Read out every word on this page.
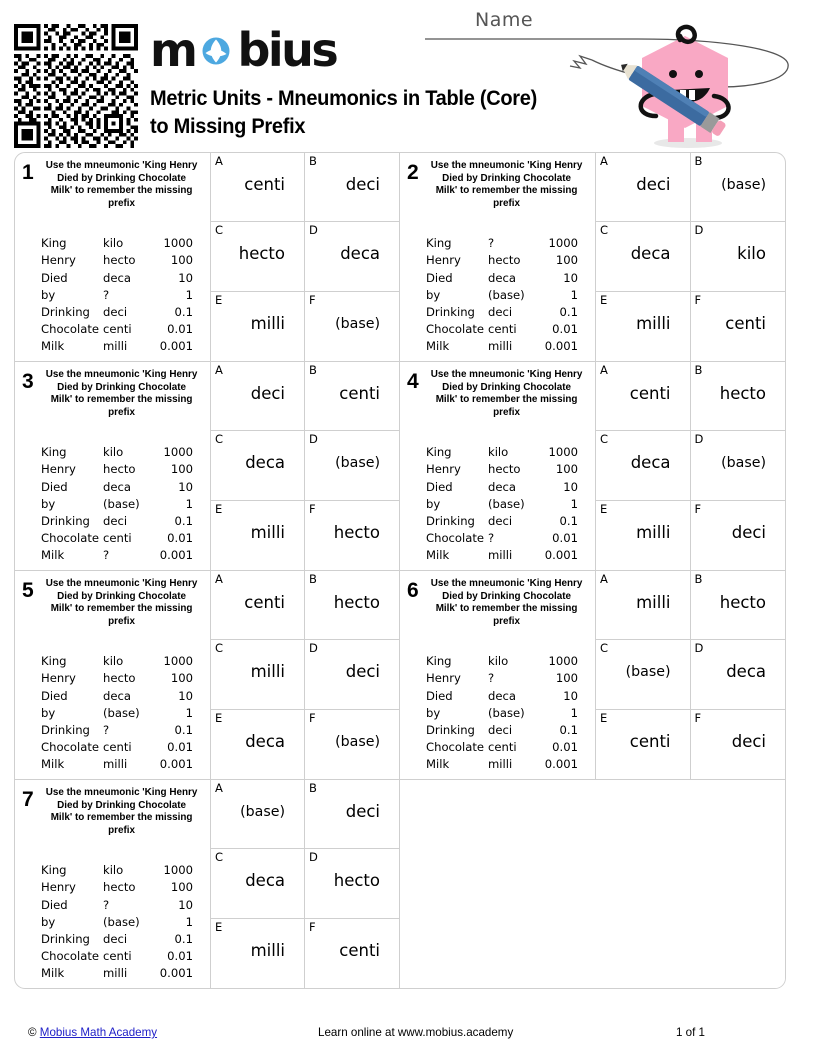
m bius
Metric Units - Mneumonics in Table (Core) to Missing Prefix
Name
1	Use the mneumonic 'King Henry Died by Drinking Chocolate Milk' to remember the missing prefix
King	kilo	1000
Henry	hecto	100
Died	deca	10
by	?	1
Drinking	deci	0.1
Chocolate centi	0.01
Milk	milli	0.001
A
centi
B
deci
C
hecto
D
deca
E
milli
F
(base)
2	Use the mneumonic 'King Henry Died by Drinking Chocolate Milk' to remember the missing prefix
King	?	1000
Henry	hecto	100
Died	deca	10
by	(base)	1
Drinking	deci	0.1
Chocolate centi	0.01
Milk	milli	0.001
A
deci
B
(base)
C
deca
D
kilo
E
milli
F
centi
3	Use the mneumonic 'King Henry Died by Drinking Chocolate Milk' to remember the missing prefix
King	kilo	1000
Henry	hecto	100
Died	deca	10
by	(base)	1
Drinking	deci	0.1
Chocolate centi	0.01
Milk	?	0.001
A
deci
B
centi
C
deca
D
(base)
E
milli
F
hecto
4	Use the mneumonic 'King Henry Died by Drinking Chocolate Milk' to remember the missing prefix
King	kilo	1000
Henry	hecto	100
Died	deca	10
by	(base)	1
Drinking	deci	0.1
Chocolate ?	0.01
Milk	milli	0.001
A
centi
B
hecto
C
deca
D
(base)
E
milli
F
deci
5	Use the mneumonic 'King Henry Died by Drinking Chocolate Milk' to remember the missing prefix
King	kilo	1000
Henry	hecto	100
Died	deca	10
by	(base)	1
Drinking	?	0.1
Chocolate centi	0.01
Milk	milli	0.001
A
centi
B
hecto
C
milli
D
deci
E
deca
F
(base)
6	Use the mneumonic 'King Henry Died by Drinking Chocolate Milk' to remember the missing prefix
King	kilo	1000
Henry	?	100
Died	deca	10
by	(base)	1
Drinking	deci	0.1
Chocolate centi	0.01
Milk	milli	0.001
A
milli
B
hecto
C
(base)
D
deca
E
centi
F
deci
7	Use the mneumonic 'King Henry Died by Drinking Chocolate Milk' to remember the missing prefix
King	kilo	1000
Henry	hecto	100
Died	?	10
by	(base)	1
Drinking	deci	0.1
Chocolate centi	0.01
Milk	milli	0.001
A
(base)
B
deci
C
deca
D
hecto
E
milli
F
centi
© Mobius Math Academy	Learn online at www.mobius.academy	1 of 1
